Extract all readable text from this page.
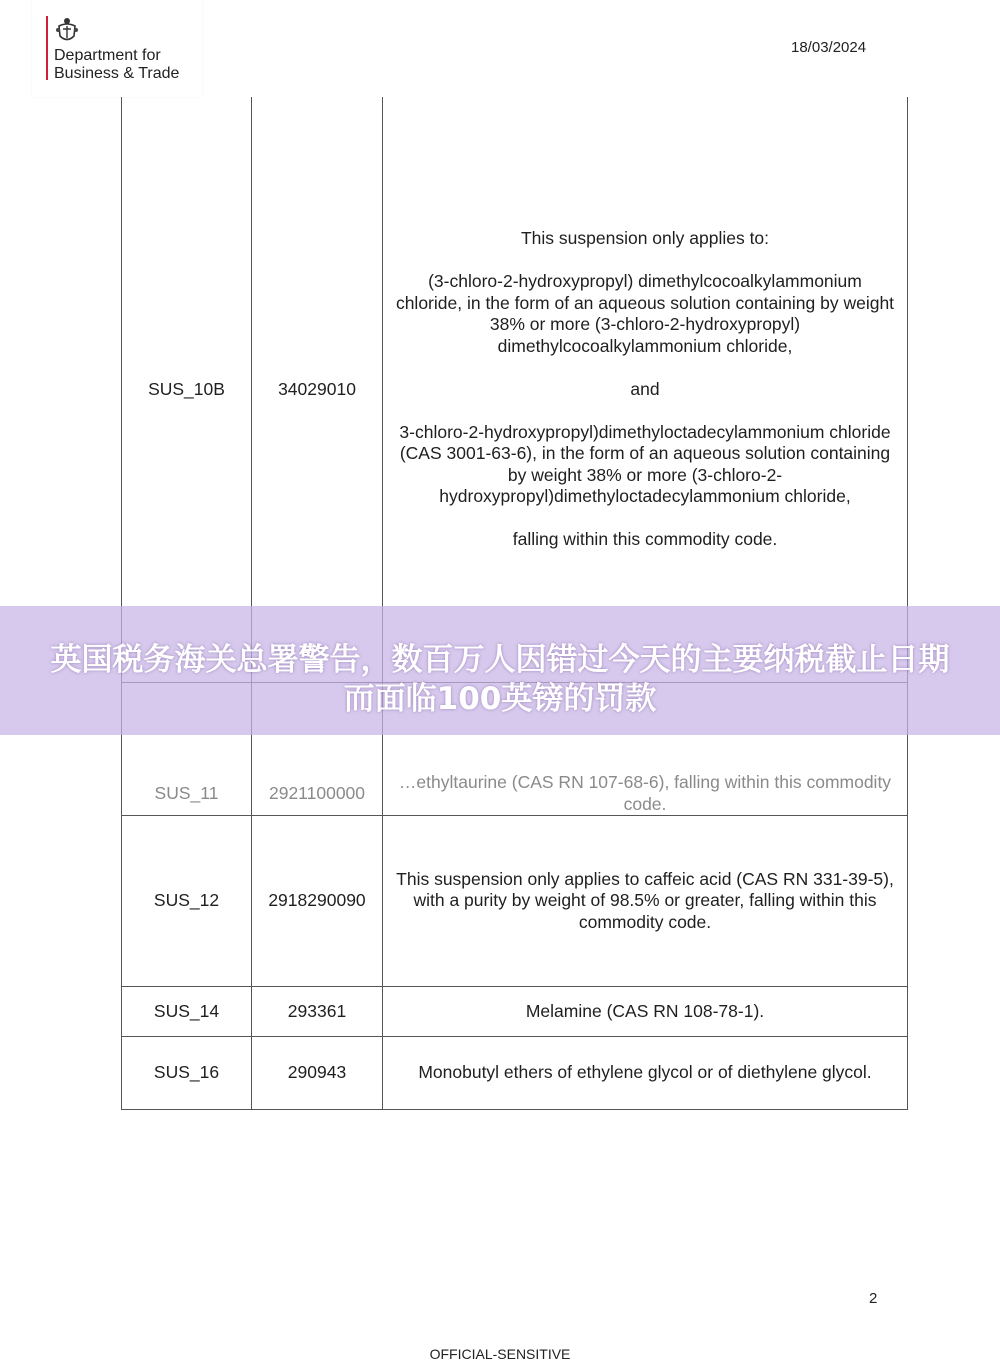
Department for
Business & Trade
18/03/2024
SUS_10B	34029010	This suspension only applies to:

(3-chloro-2-hydroxypropyl) dimethylcocoalkylammonium chloride, in the form of an aqueous solution containing by weight 38% or more (3-chloro-2-hydroxypropyl) dimethylcocoalkylammonium chloride,

and

3-chloro-2-hydroxypropyl)dimethyloctadecylammonium chloride (CAS 3001-63-6), in the form of an aqueous solution containing by weight 38% or more (3-chloro-2-hydroxypropyl)dimethyloctadecylammonium chloride,

falling within this commodity code.

SUS_11	2921100000	…ethyltaurine (CAS RN 107-68-6), falling within this commodity code.

SUS_12	2918290090	This suspension only applies to caffeic acid (CAS RN 331-39-5), with a purity by weight of 98.5% or greater, falling within this commodity code.
SUS_14	293361	Melamine (CAS RN 108-78-1).
SUS_16	290943	Monobutyl ethers of ethylene glycol or of diethylene glycol.
英国税务海关总署警告，数百万人因错过今天的主要纳税截止日期而面临100英镑的罚款
2
OFFICIAL-SENSITIVE
